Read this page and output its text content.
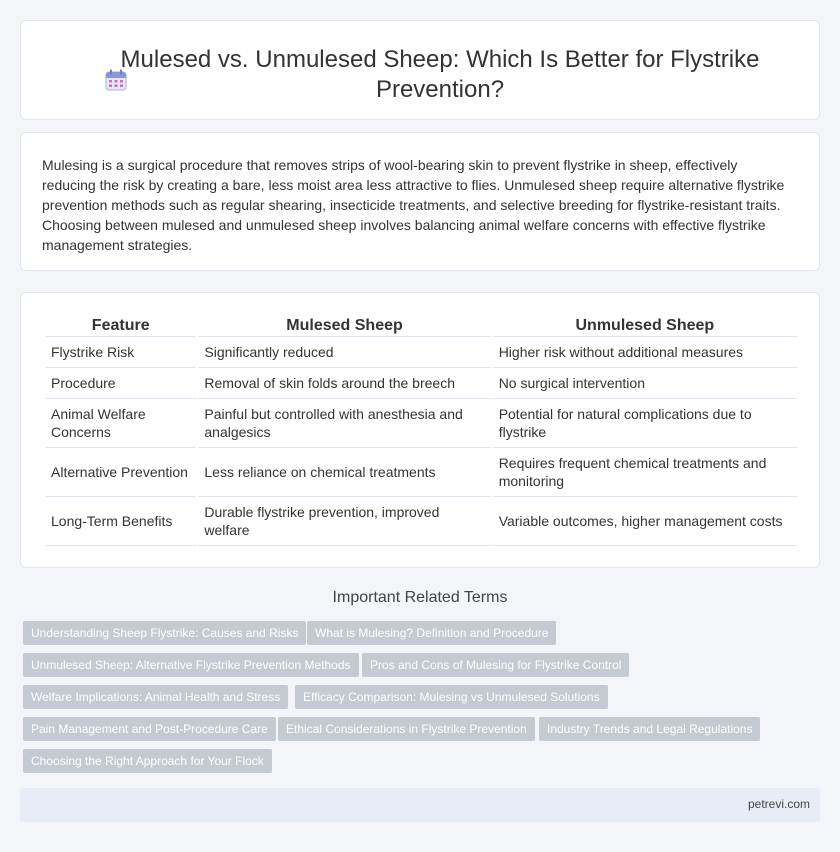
Mulesed vs. Unmulesed Sheep: Which Is Better for Flystrike Prevention?

Mulesing is a surgical procedure that removes strips of wool-bearing skin to prevent flystrike in sheep, effectively reducing the risk by creating a bare, less moist area less attractive to flies. Unmulesed sheep require alternative flystrike prevention methods such as regular shearing, insecticide treatments, and selective breeding for flystrike-resistant traits. Choosing between mulesed and unmulesed sheep involves balancing animal welfare concerns with effective flystrike management strategies.

Feature	Mulesed Sheep	Unmulesed Sheep
Flystrike Risk	Significantly reduced	Higher risk without additional measures
Procedure	Removal of skin folds around the breech	No surgical intervention
Animal Welfare Concerns	Painful but controlled with anesthesia and analgesics	Potential for natural complications due to flystrike
Alternative Prevention	Less reliance on chemical treatments	Requires frequent chemical treatments and monitoring
Long-Term Benefits	Durable flystrike prevention, improved welfare	Variable outcomes, higher management costs
Important Related Terms
Understanding Sheep Flystrike: Causes and Risks	What is Mulesing? Definition and Procedure
Unmulesed Sheep: Alternative Flystrike Prevention Methods	Pros and Cons of Mulesing for Flystrike Control
Welfare Implications: Animal Health and Stress	Efficacy Comparison: Mulesing vs Unmulesed Solutions
Pain Management and Post-Procedure Care	Ethical Considerations in Flystrike Prevention	Industry Trends and Legal Regulations
Choosing the Right Approach for Your Flock
petrevi.com
